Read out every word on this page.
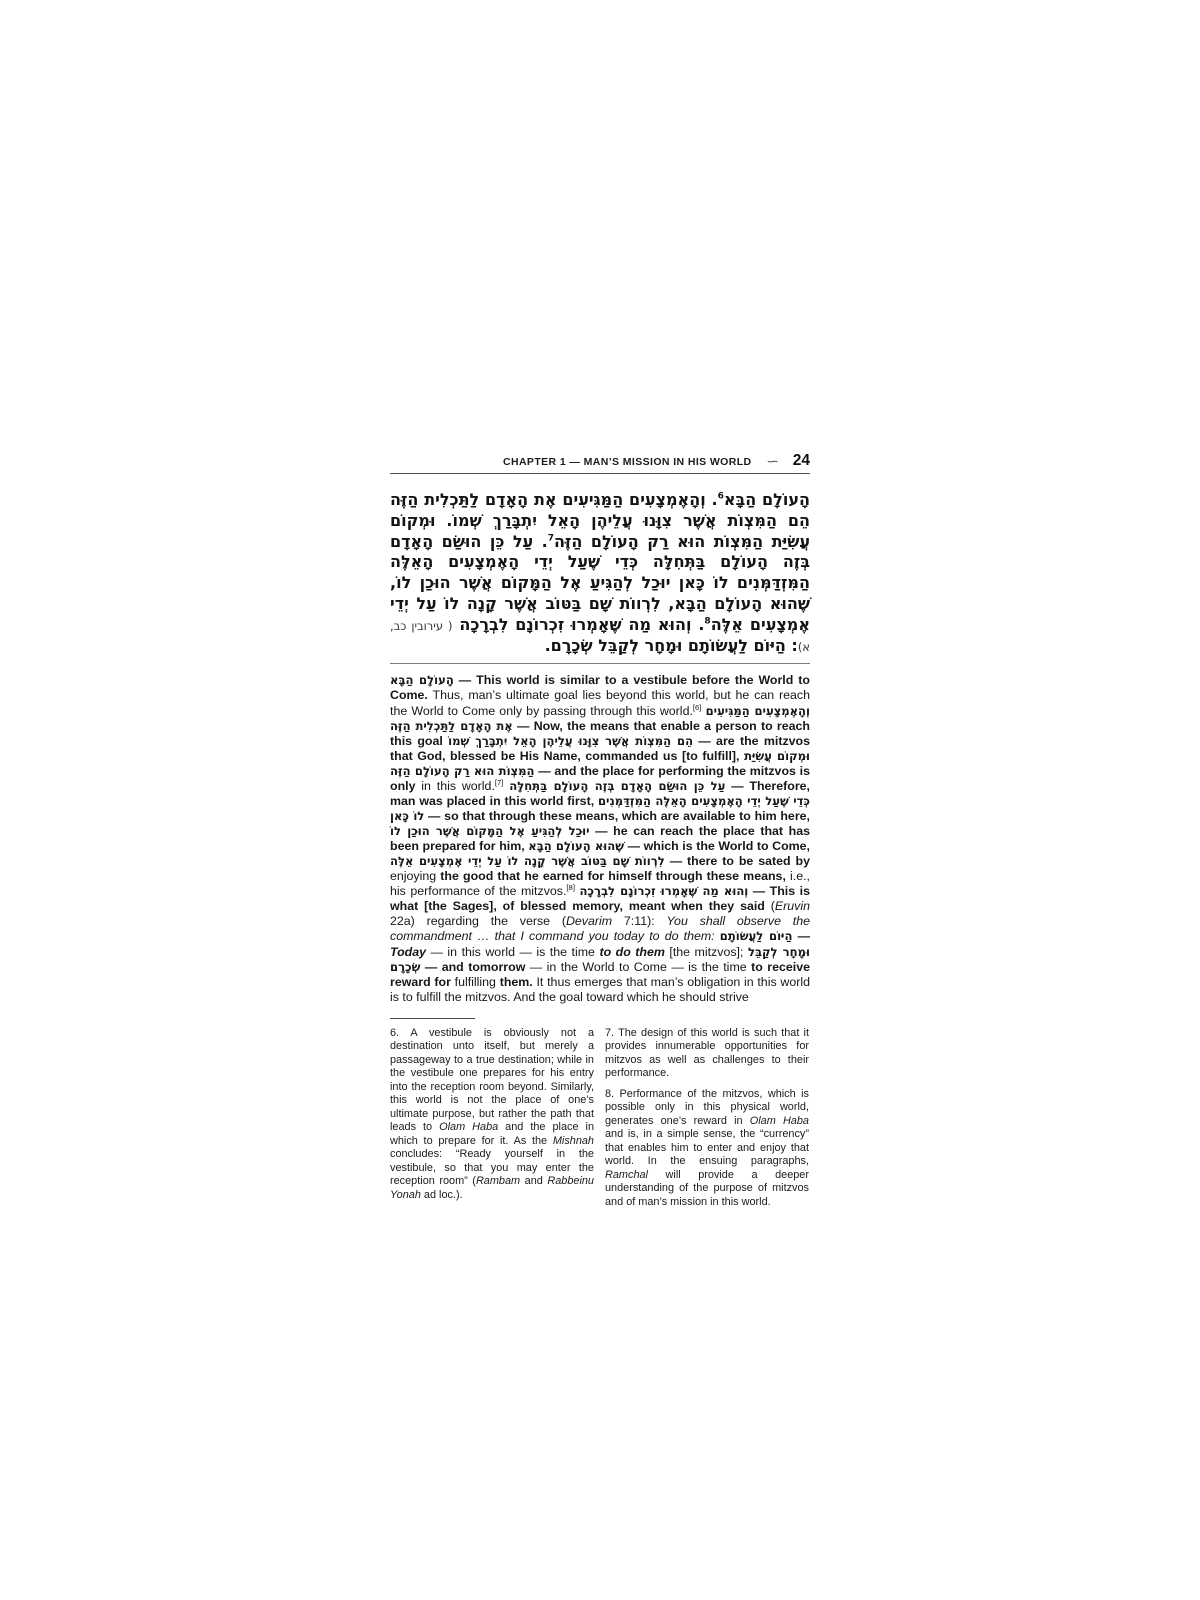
CHAPTER 1 — MAN’S MISSION IN HIS WORLD ∽ 24

הָעוֹלָם הַבָּא$^6$. וְהָאֶמְצָעִים הַמַּגִּיעִים אֶת הָאָדָם לַתַּכְלִית הַזֶּה הֵם הַמִּצְוֹת אֲשֶׁר צִוָּנוּ עֲלֵיהֶן הָאֵל יִתְבָּרַךְ שְׁמוֹ. וּמְקוֹם עֲשִׂיַּת הַמִּצְוֹת הוּא רַק הָעוֹלָם הַזֶּה$^7$. עַל כֵּן הוּשַׂם הָאָדָם בְּזֶה הָעוֹלָם בַּתְּחִלָּה כְּדֵי שֶׁעַל יְדֵי הָאֶמְצָעִים הָאֵלֶּה הַמִּזְדַּמְּנִים לוֹ כָּאן יוּכַל לְהַגִּיעַ אֶל הַמָּקוֹם אֲשֶׁר הוּכַן לוֹ, שֶׁהוּא הָעוֹלָם הַבָּא, לִרְווֹת שָׁם בַּטּוֹב אֲשֶׁר קָנָה לוֹ עַל יְדֵי אֶמְצָעִים אֵלֶּה$^8$. וְהוּא מַה שֶּׁאָמְרוּ זִכְרוֹנָם לִבְרָכָה ( עירובין כב, א): הַיּוֹם לַעֲשׂוֹתָם וּמָחָר לְקַבֵּל שְׂכָרָם.

הָעוֹלָם הַבָּא — This world is similar to a vestibule before the World to Come. Thus, man’s ultimate goal lies beyond this world, but he can reach the World to Come only by passing through this world.[6] וְהָאֶמְצָעִים הַמַּגִּיעִים אֶת הָאָדָם לַתַּכְלִית הַזֶּה — Now, the means that enable a person to reach this goal הֵם הַמִּצְוֹת אֲשֶׁר צִוָּנוּ עֲלֵיהֶן הָאֵל יִתְבָּרַךְ שְׁמוֹ — are the mitzvos that God, blessed be His Name, commanded us [to fulfill], וּמְקוֹם עֲשִׂיַּת הַמִּצְוֹת הוּא רַק הָעוֹלָם הַזֶּה — and the place for performing the mitzvos is only in this world.[7] עַל כֵּן הוּשַׂם הָאָדָם בְּזֶה הָעוֹלָם בַּתְּחִלָּה — Therefore, man was placed in this world first, כְּדֵי שֶׁעַל יְדֵי הָאֶמְצָעִים הָאֵלֶּה הַמִּזְדַּמְּנִים לוֹ כָּאן — so that through these means, which are available to him here, יוּכַל לְהַגִּיעַ אֶל הַמָּקוֹם אֲשֶׁר הוּכַן לוֹ — he can reach the place that has been prepared for him, שֶׁהוּא הָעוֹלָם הַבָּא — which is the World to Come, לִרְווֹת שָׁם בַּטּוֹב אֲשֶׁר קָנָה לוֹ עַל יְדֵי אֶמְצָעִים אֵלֶּה — there to be sated by enjoying the good that he earned for himself through these means, i.e., his performance of the mitzvos.[8] וְהוּא מַה שֶּׁאָמְרוּ זִכְרוֹנָם לִבְרָכָה — This is what [the Sages], of blessed memory, meant when they said (Eruvin 22a) regarding the verse (Devarim 7:11): You shall observe the commandment … that I command you today to do them: הַיּוֹם לַעֲשׂוֹתָם — Today — in this world — is the time to do them [the mitzvos]; וּמָחָר לְקַבֵּל שְׂכָרָם — and tomorrow — in the World to Come — is the time to receive reward for fulfilling them. It thus emerges that man’s obligation in this world is to fulfill the mitzvos. And the goal toward which he should strive

6. A vestibule is obviously not a destination unto itself, but merely a passageway to a true destination; while in the vestibule one prepares for his entry into the reception room beyond. Similarly, this world is not the place of one’s ultimate purpose, but rather the path that leads to Olam Haba and the place in which to prepare for it. As the Mishnah concludes: “Ready yourself in the vestibule, so that you may enter the reception room” (Rambam and Rabbeinu Yonah ad loc.).

7. The design of this world is such that it provides innumerable opportunities for mitzvos as well as challenges to their performance.

8. Performance of the mitzvos, which is possible only in this physical world, generates one’s reward in Olam Haba and is, in a simple sense, the “currency” that enables him to enter and enjoy that world. In the ensuing paragraphs, Ramchal will provide a deeper understanding of the purpose of mitzvos and of man’s mission in this world.
